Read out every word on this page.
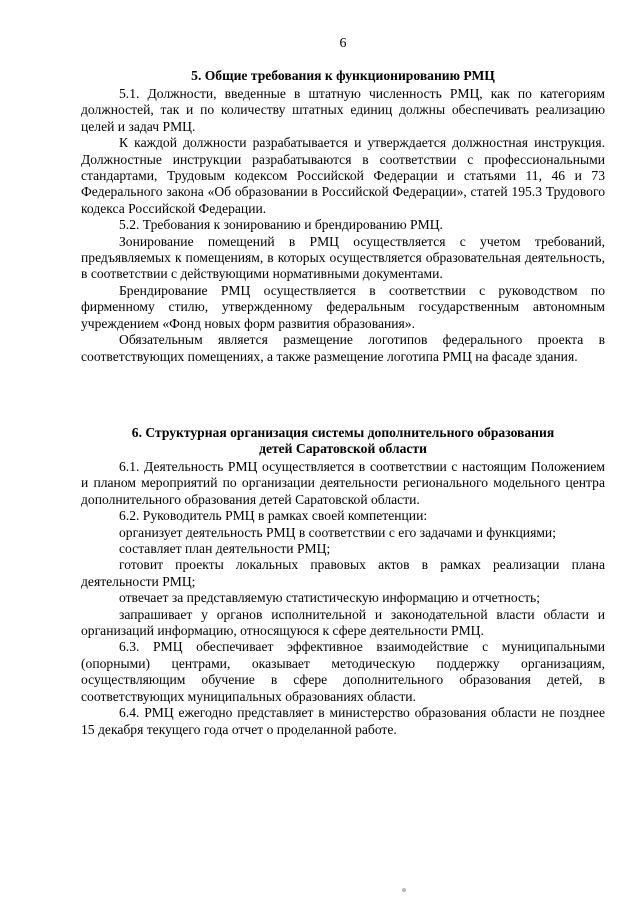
6

5. Общие требования к функционированию РМЦ

5.1. Должности, введенные в штатную численность РМЦ, как по категориям должностей, так и по количеству штатных единиц должны обеспечивать реализацию целей и задач РМЦ.

К каждой должности разрабатывается и утверждается должностная инструкция. Должностные инструкции разрабатываются в соответствии с профессиональными стандартами, Трудовым кодексом Российской Федерации и статьями 11, 46 и 73 Федерального закона «Об образовании в Российской Федерации», статей 195.3 Трудового кодекса Российской Федерации.

5.2. Требования к зонированию и брендированию РМЦ.

Зонирование помещений в РМЦ осуществляется с учетом требований, предъявляемых к помещениям, в которых осуществляется образовательная деятельность, в соответствии с действующими нормативными документами.

Брендирование РМЦ осуществляется в соответствии с руководством по фирменному стилю, утвержденному федеральным государственным автономным учреждением «Фонд новых форм развития образования».

Обязательным является размещение логотипов федерального проекта в соответствующих помещениях, а также размещение логотипа РМЦ на фасаде здания.

6. Структурная организация системы дополнительного образования
детей Саратовской области

6.1. Деятельность РМЦ осуществляется в соответствии с настоящим Положением и планом мероприятий по организации деятельности регионального модельного центра дополнительного образования детей Саратовской области.

6.2. Руководитель РМЦ в рамках своей компетенции:

организует деятельность РМЦ в соответствии с его задачами и функциями;

составляет план деятельности РМЦ;

готовит проекты локальных правовых актов в рамках реализации плана деятельности РМЦ;

отвечает за представляемую статистическую информацию и отчетность;

запрашивает у органов исполнительной и законодательной власти области и организаций информацию, относящуюся к сфере деятельности РМЦ.

6.3. РМЦ обеспечивает эффективное взаимодействие с муниципальными (опорными) центрами, оказывает методическую поддержку организациям, осуществляющим обучение в сфере дополнительного образования детей, в соответствующих муниципальных образованиях области.

6.4. РМЦ ежегодно представляет в министерство образования области не позднее 15 декабря текущего года отчет о проделанной работе.
